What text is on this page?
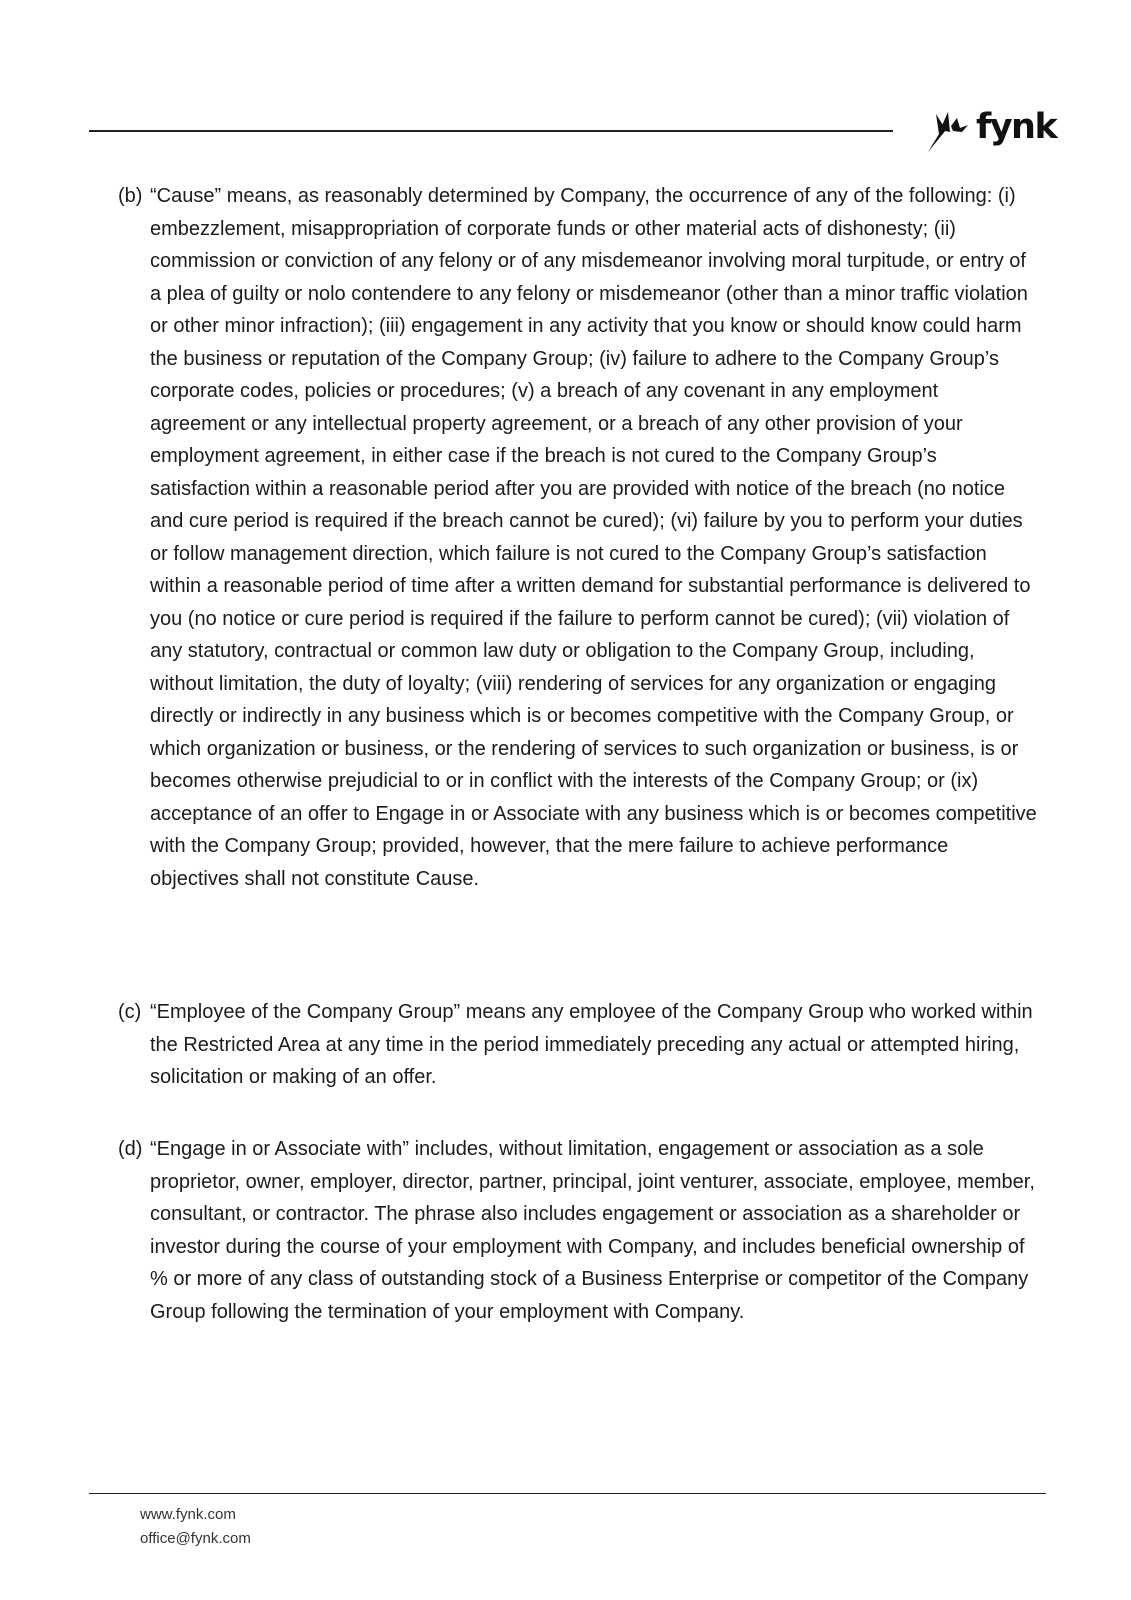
fynk
(b) “Cause” means, as reasonably determined by Company, the occurrence of any of the following: (i) embezzlement, misappropriation of corporate funds or other material acts of dishonesty; (ii) commission or conviction of any felony or of any misdemeanor involving moral turpitude, or entry of a plea of guilty or nolo contendere to any felony or misdemeanor (other than a minor traffic violation or other minor infraction); (iii) engagement in any activity that you know or should know could harm the business or reputation of the Company Group; (iv) failure to adhere to the Company Group’s corporate codes, policies or procedures; (v) a breach of any covenant in any employment agreement or any intellectual property agreement, or a breach of any other provision of your employment agreement, in either case if the breach is not cured to the Company Group’s satisfaction within a reasonable period after you are provided with notice of the breach (no notice and cure period is required if the breach cannot be cured); (vi) failure by you to perform your duties or follow management direction, which failure is not cured to the Company Group’s satisfaction within a reasonable period of time after a written demand for substantial performance is delivered to you (no notice or cure period is required if the failure to perform cannot be cured); (vii) violation of any statutory, contractual or common law duty or obligation to the Company Group, including, without limitation, the duty of loyalty; (viii) rendering of services for any organization or engaging directly or indirectly in any business which is or becomes competitive with the Company Group, or which organization or business, or the rendering of services to such organization or business, is or becomes otherwise prejudicial to or in conflict with the interests of the Company Group; or (ix) acceptance of an offer to Engage in or Associate with any business which is or becomes competitive with the Company Group; provided, however, that the mere failure to achieve performance objectives shall not constitute Cause.
(c) “Employee of the Company Group” means any employee of the Company Group who worked within the Restricted Area at any time in the period immediately preceding any actual or attempted hiring, solicitation or making of an offer.
(d) “Engage in or Associate with” includes, without limitation, engagement or association as a sole proprietor, owner, employer, director, partner, principal, joint venturer, associate, employee, member, consultant, or contractor. The phrase also includes engagement or association as a shareholder or investor during the course of your employment with Company, and includes beneficial ownership of % or more of any class of outstanding stock of a Business Enterprise or competitor of the Company Group following the termination of your employment with Company.
www.fynk.com
office@fynk.com
